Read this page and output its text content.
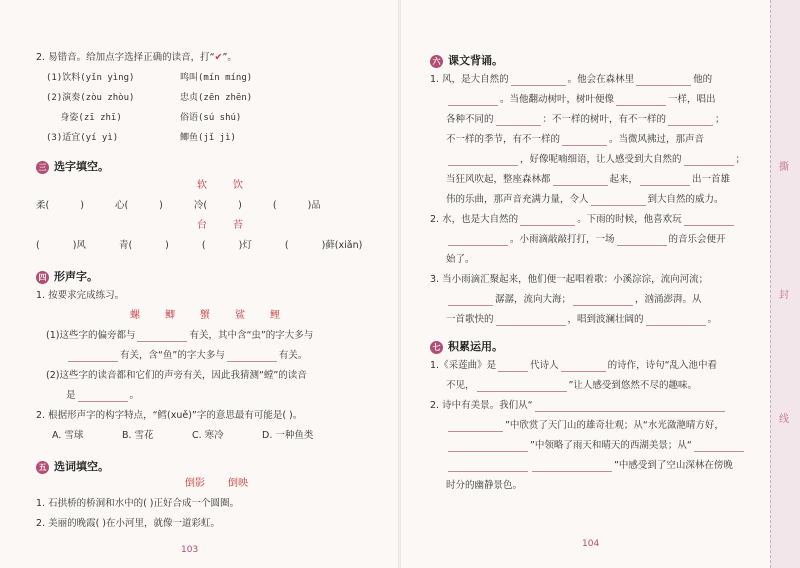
2. 易错音。给加点字选择正确的读音，打“✔”。
(1)饮料(yǐn yìng)	鸣叫(mín míng)
(2)演奏(zòu zhòu)	忠贞(zēn zhēn)
　 身姿(zī zhī)	俗语(sú shú)
(3)适宜(yí yì)	鲫鱼(jǐ jì)
三 选字填空。
软	饮
柔( ) 心( ) 冷( ) ( )品
台	苔
( )风 青( ) ( )灯 ( )藓(xiǎn)
四 形声字。
1. 按要求完成练习。
螺	鲫	蟹	鲨	鲤
(1)这些字的偏旁都与	有关，其中含“虫”的字大多与
有关，含“鱼”的字大多与	有关。
(2)这些字的读音都和它们的声旁有关，因此我猜测“螳”的读音
是	。
2. 根据形声字的构字特点，“鳕(xuě)”字的意思最有可能是( )。
A. 雪球	B. 雪花	C. 寒冷	D. 一种鱼类
五 选词填空。
倒影 倒映
1. 石拱桥的桥洞和水中的( )正好合成一个圆圈。
2. 美丽的晚霞( )在小河里，就像一道彩虹。
103
六 课文背诵。
1. 风，是大自然的	。他会在森林里	他的
。当他翻动树叶，树叶便像	一样，唱出
各种不同的	：不一样的树叶，有不一样的	；
不一样的季节，有不一样的	。当微风拂过，那声音
，好像呢喃细语，让人感受到大自然的	；
当狂风吹起，整座森林都	起来，	出一首雄
伟的乐曲，那声音充满力量，令人	到大自然的威力。
2. 水，也是大自然的	。下雨的时候，他喜欢玩
。小雨滴敲敲打打，一场	的音乐会便开
始了。
3. 当小雨滴汇聚起来，他们便一起唱着歌：小溪淙淙，流向河流；
潺潺，流向大海；	，汹涌澎湃。从
一首歌快的	，唱到波澜壮阔的	。
七 积累运用。
1.《采莲曲》是	代诗人	的诗作，诗句“乱入池中看
不见，	”让人感受到悠然不尽的趣味。
2. 诗中有美景。我们从“
”中欣赏了天门山的雄奇壮观；从“水光潋滟晴方好，
”中领略了雨天和晴天的西湖美景；从“
”中感受到了空山深林在傍晚
时分的幽静景色。
104
撕
封
线
